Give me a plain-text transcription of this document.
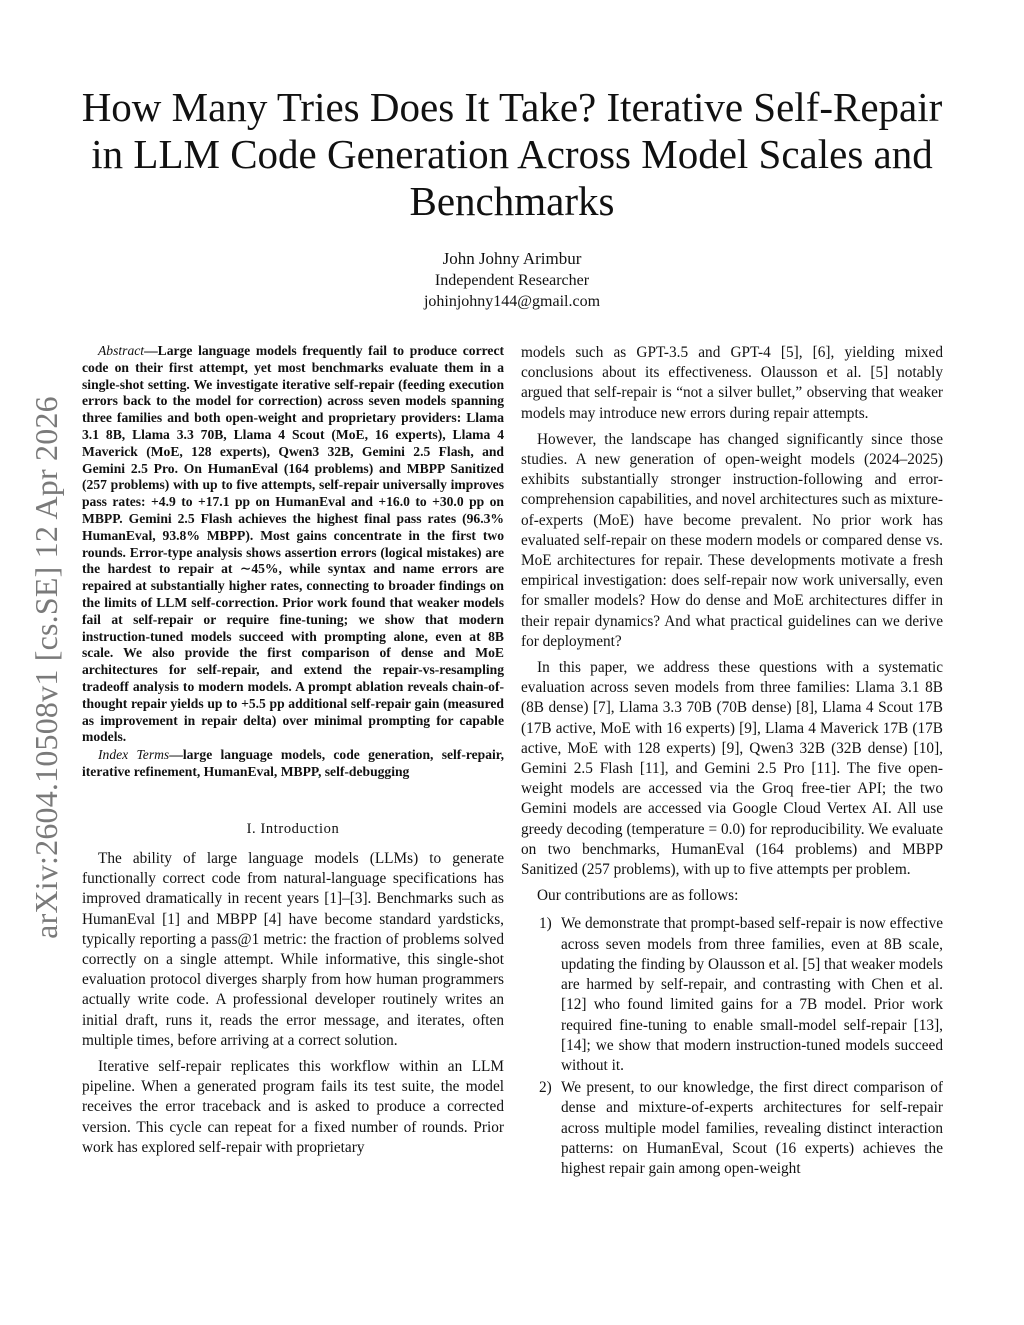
arXiv:2604.10508v1 [cs.SE] 12 Apr 2026
How Many Tries Does It Take? Iterative Self-Repair in LLM Code Generation Across Model Scales and Benchmarks
John Johny Arimbur
Independent Researcher
johinjohny144@gmail.com

Abstract—Large language models frequently fail to produce correct code on their first attempt, yet most benchmarks evaluate them in a single-shot setting. We investigate iterative self-repair (feeding execution errors back to the model for correction) across seven models spanning three families and both open-weight and proprietary providers: Llama 3.1 8B, Llama 3.3 70B, Llama 4 Scout (MoE, 16 experts), Llama 4 Maverick (MoE, 128 experts), Qwen3 32B, Gemini 2.5 Flash, and Gemini 2.5 Pro. On HumanEval (164 problems) and MBPP Sanitized (257 problems) with up to five attempts, self-repair universally improves pass rates: +4.9 to +17.1 pp on HumanEval and +16.0 to +30.0 pp on MBPP. Gemini 2.5 Flash achieves the highest final pass rates (96.3% HumanEval, 93.8% MBPP). Most gains concentrate in the first two rounds. Error-type analysis shows assertion errors (logical mistakes) are the hardest to repair at ∼45%, while syntax and name errors are repaired at substantially higher rates, connecting to broader findings on the limits of LLM self-correction. Prior work found that weaker models fail at self-repair or require fine-tuning; we show that modern instruction-tuned models succeed with prompting alone, even at 8B scale. We also provide the first comparison of dense and MoE architectures for self-repair, and extend the repair-vs-resampling tradeoff analysis to modern models. A prompt ablation reveals chain-of-thought repair yields up to +5.5 pp additional self-repair gain (measured as improvement in repair delta) over minimal prompting for capable models.

Index Terms—large language models, code generation, self-repair, iterative refinement, HumanEval, MBPP, self-debugging

I. Introduction

The ability of large language models (LLMs) to generate functionally correct code from natural-language specifications has improved dramatically in recent years [1]–[3]. Benchmarks such as HumanEval [1] and MBPP [4] have become standard yardsticks, typically reporting a pass@1 metric: the fraction of problems solved correctly on a single attempt. While informative, this single-shot evaluation protocol diverges sharply from how human programmers actually write code. A professional developer routinely writes an initial draft, runs it, reads the error message, and iterates, often multiple times, before arriving at a correct solution.

Iterative self-repair replicates this workflow within an LLM pipeline. When a generated program fails its test suite, the model receives the error traceback and is asked to produce a corrected version. This cycle can repeat for a fixed number of rounds. Prior work has explored self-repair with proprietary

models such as GPT-3.5 and GPT-4 [5], [6], yielding mixed conclusions about its effectiveness. Olausson et al. [5] notably argued that self-repair is “not a silver bullet,” observing that weaker models may introduce new errors during repair attempts.

However, the landscape has changed significantly since those studies. A new generation of open-weight models (2024–2025) exhibits substantially stronger instruction-following and error-comprehension capabilities, and novel architectures such as mixture-of-experts (MoE) have become prevalent. No prior work has evaluated self-repair on these modern models or compared dense vs. MoE architectures for repair. These developments motivate a fresh empirical investigation: does self-repair now work universally, even for smaller models? How do dense and MoE architectures differ in their repair dynamics? And what practical guidelines can we derive for deployment?

In this paper, we address these questions with a systematic evaluation across seven models from three families: Llama 3.1 8B (8B dense) [7], Llama 3.3 70B (70B dense) [8], Llama 4 Scout 17B (17B active, MoE with 16 experts) [9], Llama 4 Maverick 17B (17B active, MoE with 128 experts) [9], Qwen3 32B (32B dense) [10], Gemini 2.5 Flash [11], and Gemini 2.5 Pro [11]. The five open-weight models are accessed via the Groq free-tier API; the two Gemini models are accessed via Google Cloud Vertex AI. All use greedy decoding (temperature = 0.0) for reproducibility. We evaluate on two benchmarks, HumanEval (164 problems) and MBPP Sanitized (257 problems), with up to five attempts per problem.

Our contributions are as follows:

1) We demonstrate that prompt-based self-repair is now effective across seven models from three families, even at 8B scale, updating the finding by Olausson et al. [5] that weaker models are harmed by self-repair, and contrasting with Chen et al. [12] who found limited gains for a 7B model. Prior work required fine-tuning to enable small-model self-repair [13], [14]; we show that modern instruction-tuned models succeed without it.
2) We present, to our knowledge, the first direct comparison of dense and mixture-of-experts architectures for self-repair across multiple model families, revealing distinct interaction patterns: on HumanEval, Scout (16 experts) achieves the highest repair gain among open-weight
